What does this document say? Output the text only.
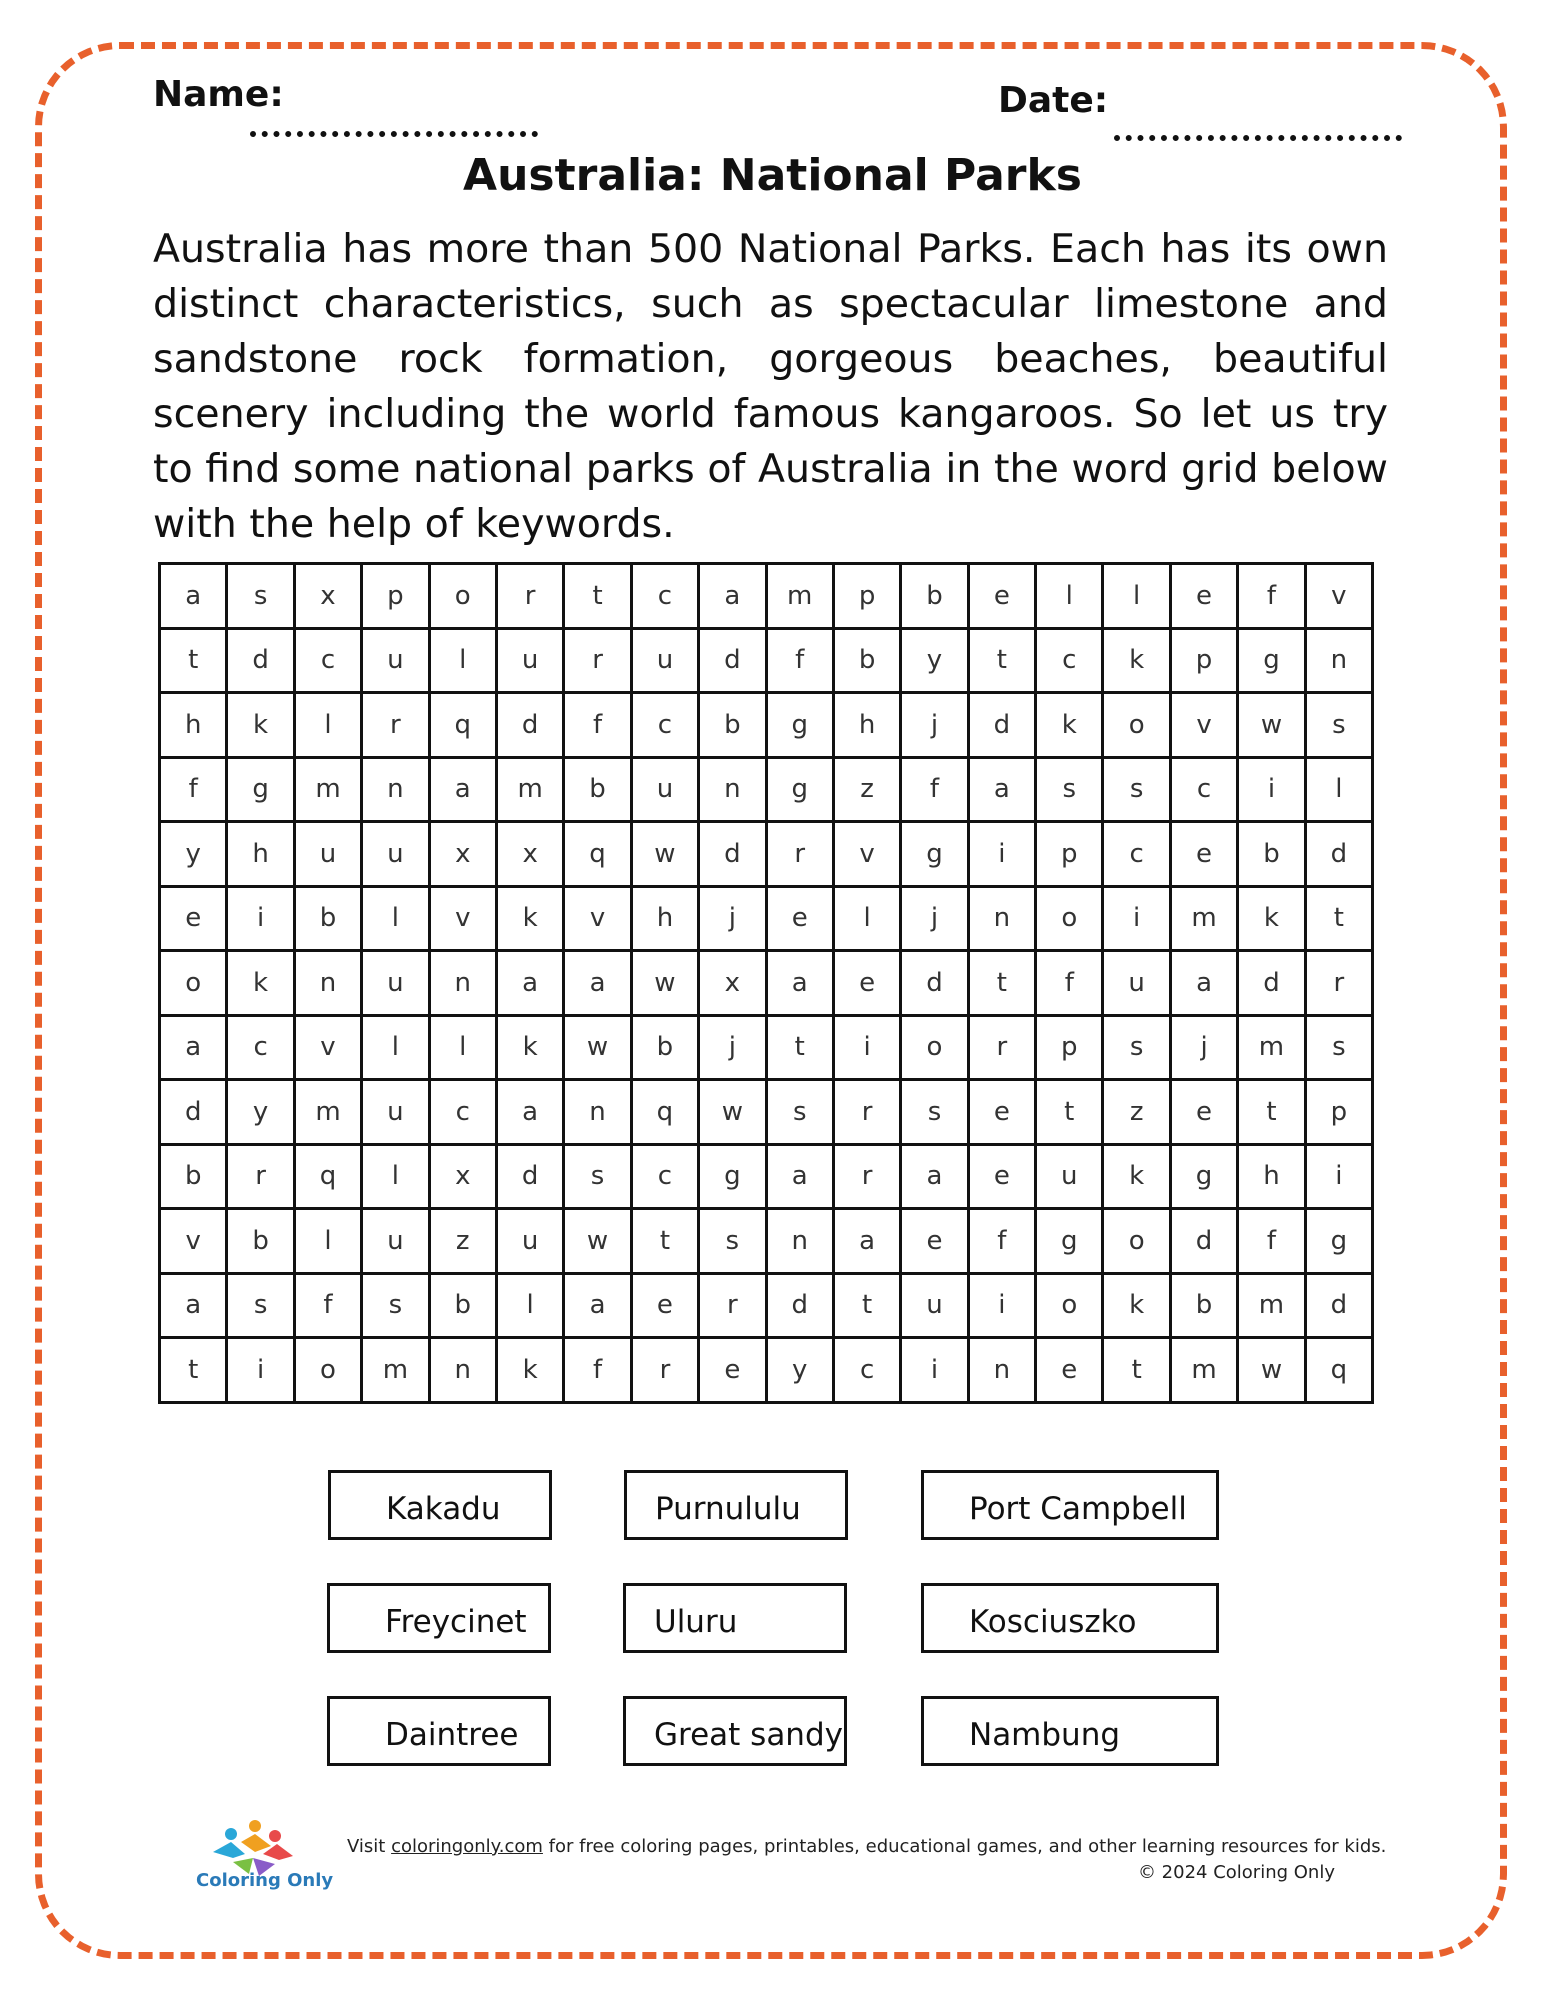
Name:	Date:
Australia: National Parks
Australia has more than 500 National Parks. Each has its own distinct characteristics, such as spectacular limestone and sandstone rock formation, gorgeous beaches, beautiful scenery including the world famous kangaroos. So let us try to find some national parks of Australia in the word grid below with the help of keywords.
a	s	x	p	o	r	t	c	a	m	p	b	e	l	l	e	f	v
t	d	c	u	l	u	r	u	d	f	b	y	t	c	k	p	g	n
h	k	l	r	q	d	f	c	b	g	h	j	d	k	o	v	w	s
f	g	m	n	a	m	b	u	n	g	z	f	a	s	s	c	i	l
y	h	u	u	x	x	q	w	d	r	v	g	i	p	c	e	b	d
e	i	b	l	v	k	v	h	j	e	l	j	n	o	i	m	k	t
o	k	n	u	n	a	a	w	x	a	e	d	t	f	u	a	d	r
a	c	v	l	l	k	w	b	j	t	i	o	r	p	s	j	m	s
d	y	m	u	c	a	n	q	w	s	r	s	e	t	z	e	t	p
b	r	q	l	x	d	s	c	g	a	r	a	e	u	k	g	h	i
v	b	l	u	z	u	w	t	s	n	a	e	f	g	o	d	f	g
a	s	f	s	b	l	a	e	r	d	t	u	i	o	k	b	m	d
t	i	o	m	n	k	f	r	e	y	c	i	n	e	t	m	w	q
Kakadu	Purnululu	Port Campbell
Freycinet	Uluru	Kosciuszko
Daintree	Great sandy	Nambung
Coloring Only
Visit coloringonly.com for free coloring pages, printables, educational games, and other learning resources for kids.
© 2024 Coloring Only
